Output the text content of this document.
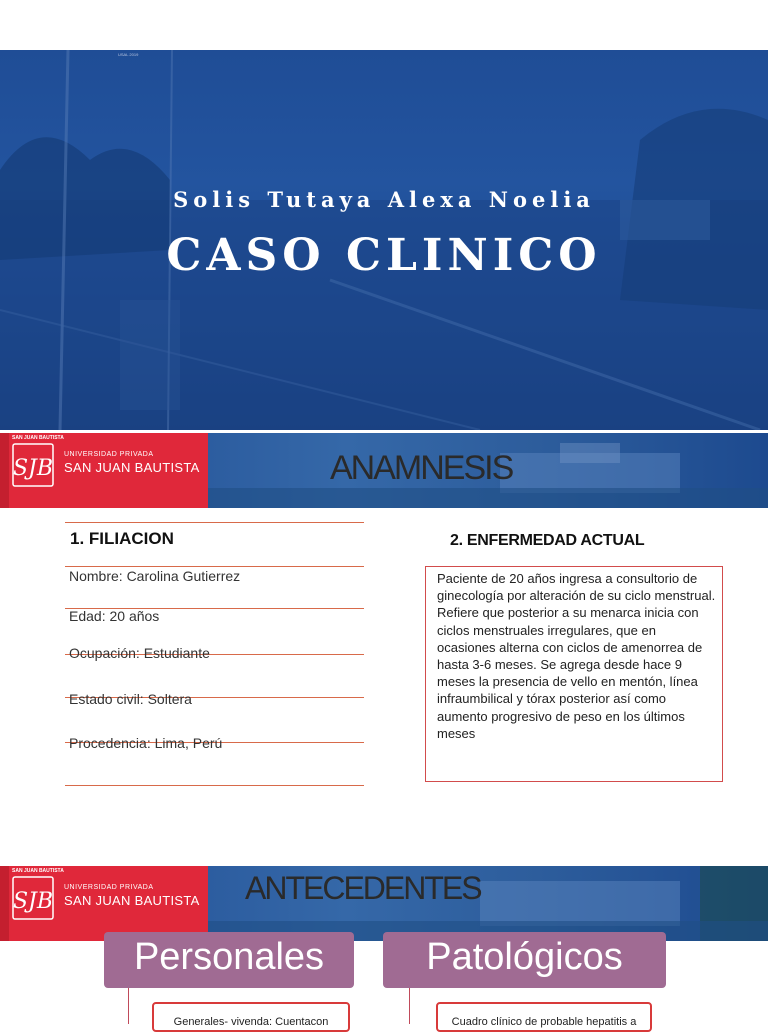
USAL 2019
Solis Tutaya Alexa Noelia
CASO CLINICO
SAN JUAN BAUTISTA
SJB
UNIVERSIDAD PRIVADA
SAN JUAN BAUTISTA	ANAMNESIS
1. FILIACION
Nombre: Carolina Gutierrez
Edad: 20 años
Ocupación: Estudiante
Estado civil: Soltera
Procedencia: Lima, Perú
2. ENFERMEDAD ACTUAL
Paciente de 20 años ingresa a consultorio de ginecología por alteración de su ciclo menstrual. Refiere que posterior a su menarca inicia con ciclos menstruales irregulares, que en ocasiones alterna con ciclos de amenorrea de hasta 3-6 meses. Se agrega desde hace 9 meses la presencia de vello en mentón, línea infraumbilical y tórax posterior así como aumento progresivo de peso en los últimos meses
SAN JUAN BAUTISTA
SJB
UNIVERSIDAD PRIVADA
SAN JUAN BAUTISTA ANTECEDENTES
Personales	Patológicos
Generales- vivenda: Cuentacon	Cuadro clínico de probable hepatitis a
